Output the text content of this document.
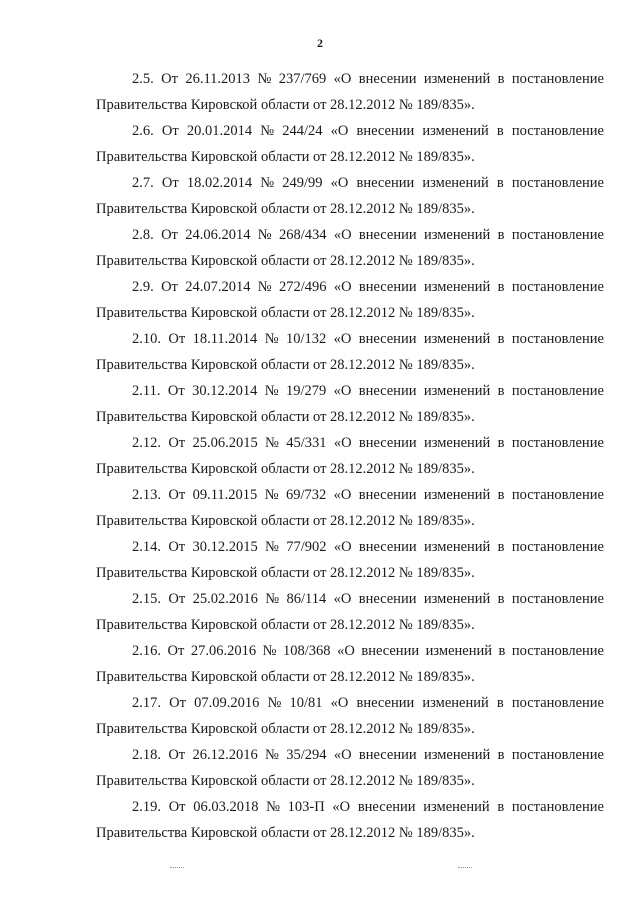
2
2.5. От 26.11.2013 № 237/769 «О внесении изменений в постановление
Правительства Кировской области от 28.12.2012 № 189/835».
2.6. От 20.01.2014 № 244/24 «О внесении изменений в постановление
Правительства Кировской области от 28.12.2012 № 189/835».
2.7. От 18.02.2014 № 249/99 «О внесении изменений в постановление
Правительства Кировской области от 28.12.2012 № 189/835».
2.8. От 24.06.2014 № 268/434 «О внесении изменений в постановление
Правительства Кировской области от 28.12.2012 № 189/835».
2.9. От 24.07.2014 № 272/496 «О внесении изменений в постановление
Правительства Кировской области от 28.12.2012 № 189/835».
2.10. От 18.11.2014 № 10/132 «О внесении изменений в постановление
Правительства Кировской области от 28.12.2012 № 189/835».
2.11. От 30.12.2014 № 19/279 «О внесении изменений в постановление
Правительства Кировской области от 28.12.2012 № 189/835».
2.12. От 25.06.2015 № 45/331 «О внесении изменений в постановление
Правительства Кировской области от 28.12.2012 № 189/835».
2.13. От 09.11.2015 № 69/732 «О внесении изменений в постановление
Правительства Кировской области от 28.12.2012 № 189/835».
2.14. От 30.12.2015 № 77/902 «О внесении изменений в постановление
Правительства Кировской области от 28.12.2012 № 189/835».
2.15. От 25.02.2016 № 86/114 «О внесении изменений в постановление
Правительства Кировской области от 28.12.2012 № 189/835».
2.16. От 27.06.2016 № 108/368 «О внесении изменений в постановление
Правительства Кировской области от 28.12.2012 № 189/835».
2.17. От 07.09.2016 № 10/81 «О внесении изменений в постановление
Правительства Кировской области от 28.12.2012 № 189/835».
2.18. От 26.12.2016 № 35/294 «О внесении изменений в постановление
Правительства Кировской области от 28.12.2012 № 189/835».
2.19. От 06.03.2018 № 103-П «О внесении изменений в постановление
Правительства Кировской области от 28.12.2012 № 189/835».
